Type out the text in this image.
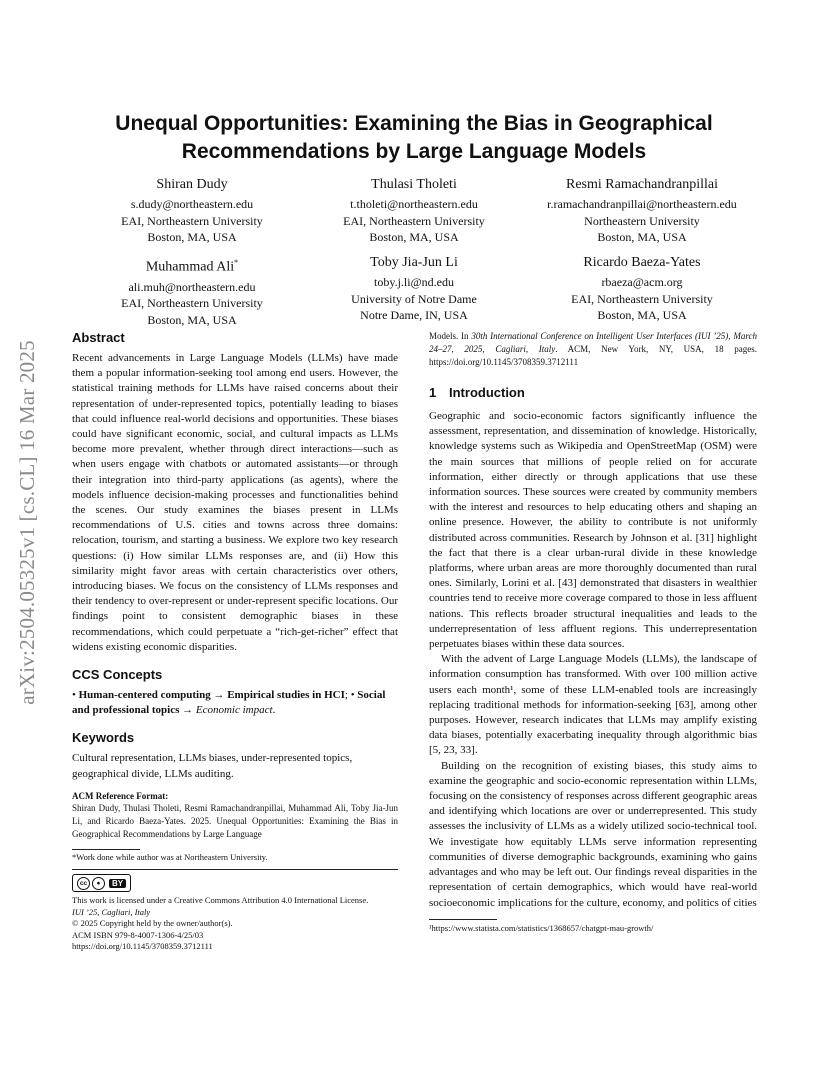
arXiv:2504.05325v1 [cs.CL] 16 Mar 2025
Unequal Opportunities: Examining the Bias in Geographical Recommendations by Large Language Models
Shiran Dudy
s.dudy@northeastern.edu
EAI, Northeastern University
Boston, MA, USA
Thulasi Tholeti
t.tholeti@northeastern.edu
EAI, Northeastern University
Boston, MA, USA
Resmi Ramachandranpillai
r.ramachandranpillai@northeastern.edu
Northeastern University
Boston, MA, USA
Muhammad Ali*
ali.muh@northeastern.edu
EAI, Northeastern University
Boston, MA, USA
Toby Jia-Jun Li
toby.j.li@nd.edu
University of Notre Dame
Notre Dame, IN, USA
Ricardo Baeza-Yates
rbaeza@acm.org
EAI, Northeastern University
Boston, MA, USA
Abstract

Recent advancements in Large Language Models (LLMs) have made them a popular information-seeking tool among end users. However, the statistical training methods for LLMs have raised concerns about their representation of under-represented topics, potentially leading to biases that could influence real-world decisions and opportunities. These biases could have significant economic, social, and cultural impacts as LLMs become more prevalent, whether through direct interactions—such as when users engage with chatbots or automated assistants—or through their integration into third-party applications (as agents), where the models influence decision-making processes and functionalities behind the scenes. Our study examines the biases present in LLMs recommendations of U.S. cities and towns across three domains: relocation, tourism, and starting a business. We explore two key research questions: (i) How similar LLMs responses are, and (ii) How this similarity might favor areas with certain characteristics over others, introducing biases. We focus on the consistency of LLMs responses and their tendency to over-represent or under-represent specific locations. Our findings point to consistent demographic biases in these recommendations, which could perpetuate a “rich-get-richer” effect that widens existing economic disparities.

CCS Concepts
• Human-centered computing → Empirical studies in HCI; • Social and professional topics → Economic impact.
Keywords

Cultural representation, LLMs biases, under-represented topics, geographical divide, LLMs auditing.

ACM Reference Format:

Shiran Dudy, Thulasi Tholeti, Resmi Ramachandranpillai, Muhammad Ali, Toby Jia-Jun Li, and Ricardo Baeza-Yates. 2025. Unequal Opportunities: Examining the Bias in Geographical Recommendations by Large Language

*Work done while author was at Northeastern University.
cc	●	BY
This work is licensed under a Creative Commons Attribution 4.0 International License.
IUI ’25, Cagliari, Italy
© 2025 Copyright held by the owner/author(s).
ACM ISBN 979-8-4007-1306-4/25/03
https://doi.org/10.1145/3708359.3712111

Models. In 30th International Conference on Intelligent User Interfaces (IUI ’25), March 24–27, 2025, Cagliari, Italy. ACM, New York, NY, USA, 18 pages. https://doi.org/10.1145/3708359.3712111

1 Introduction

Geographic and socio-economic factors significantly influence the assessment, representation, and dissemination of knowledge. Historically, knowledge systems such as Wikipedia and OpenStreetMap (OSM) were the main sources that millions of people relied on for accurate information, either directly or through applications that use these information sources. These sources were created by community members with the interest and resources to help educating others and shaping an online presence. However, the ability to contribute is not uniformly distributed across communities. Research by Johnson et al. [31] highlight the fact that there is a clear urban-rural divide in these knowledge platforms, where urban areas are more thoroughly documented than rural ones. Similarly, Lorini et al. [43] demonstrated that disasters in wealthier countries tend to receive more coverage compared to those in less affluent nations. This reflects broader structural inequalities and leads to the underrepresentation of less affluent regions. This underrepresentation perpetuates biases within these data sources.

With the advent of Large Language Models (LLMs), the landscape of information consumption has transformed. With over 100 million active users each month¹, some of these LLM-enabled tools are increasingly replacing traditional methods for information-seeking [63], among other purposes. However, research indicates that LLMs may amplify existing data biases, potentially exacerbating inequality through algorithmic bias [5, 23, 33].

Building on the recognition of existing biases, this study aims to examine the geographic and socio-economic representation within LLMs, focusing on the consistency of responses across different geographic areas and identifying which locations are over or underrepresented. This study assesses the inclusivity of LLMs as a widely utilized socio-technical tool. We investigate how equitably LLMs serve information representing communities of diverse demographic backgrounds, examining who gains advantages and who may be left out. Our findings reveal disparities in the representation of certain demographics, which would have real-world socioeconomic implications for the culture, economy, and politics of cities

¹https://www.statista.com/statistics/1368657/chatgpt-mau-growth/
